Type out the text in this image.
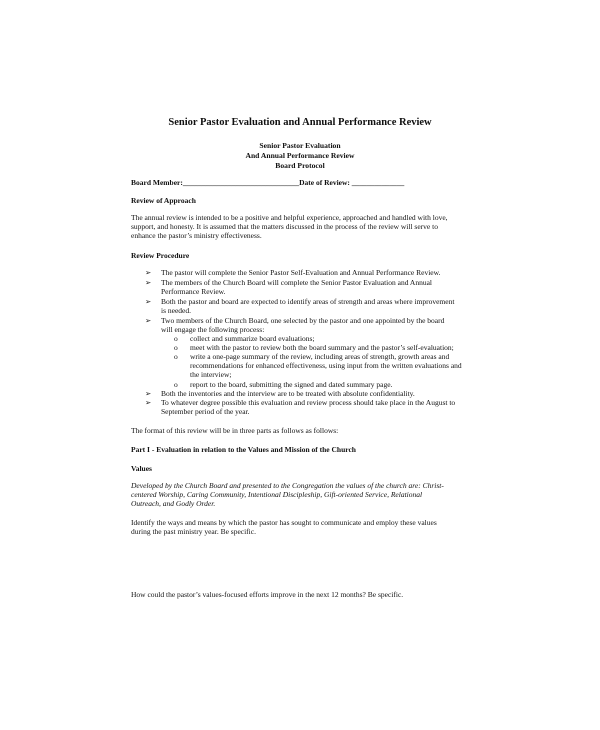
Senior Pastor Evaluation and Annual Performance Review
Senior Pastor Evaluation
And Annual Performance Review
Board Protocol
Board Member:_______________________________Date of Review: ______________
Review of Approach
The annual review is intended to be a positive and helpful experience, approached and handled with love,
support, and honesty. It is assumed that the matters discussed in the process of the review will serve to
enhance the pastor’s ministry effectiveness.
Review Procedure
➢ The pastor will complete the Senior Pastor Self-Evaluation and Annual Performance Review.
➢ The members of the Church Board will complete the Senior Pastor Evaluation and Annual
Performance Review.
➢ Both the pastor and board are expected to identify areas of strength and areas where improvement
is needed.
➢ Two members of the Church Board, one selected by the pastor and one appointed by the board
will engage the following process:
o collect and summarize board evaluations;
o meet with the pastor to review both the board summary and the pastor’s self-evaluation;
o write a one-page summary of the review, including areas of strength, growth areas and
recommendations for enhanced effectiveness, using input from the written evaluations and
the interview;
o report to the board, submitting the signed and dated summary page.
➢ Both the inventories and the interview are to be treated with absolute confidentiality.
➢ To whatever degree possible this evaluation and review process should take place in the August to
September period of the year.
The format of this review will be in three parts as follows as follows:
Part I - Evaluation in relation to the Values and Mission of the Church
Values
Developed by the Church Board and presented to the Congregation the values of the church are: Christ-
centered Worship, Caring Community, Intentional Discipleship, Gift-oriented Service, Relational
Outreach, and Godly Order.
Identify the ways and means by which the pastor has sought to communicate and employ these values
during the past ministry year. Be specific.
How could the pastor’s values-focused efforts improve in the next 12 months? Be specific.
